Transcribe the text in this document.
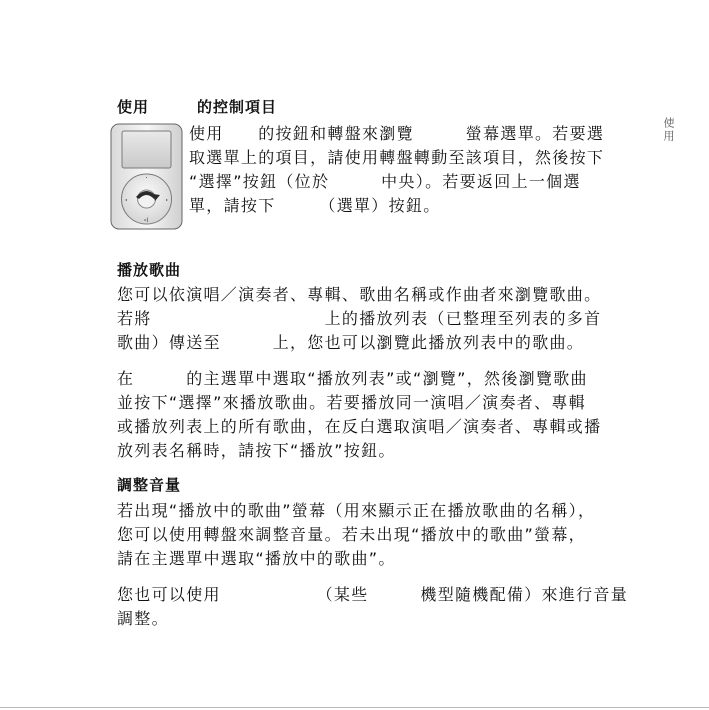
使用
使用　　　的控制項目
•
◂	▸
▸‖
使用　　的按鈕和轉盤來瀏覽　　　螢幕選單。若要選
取選單上的項目，請使用轉盤轉動至該項目，然後按下
“選擇”按鈕（位於　　　中央）。若要返回上一個選
單，請按下　　　（選單）按鈕。
播放歌曲
您可以依演唱／演奏者、專輯、歌曲名稱或作曲者來瀏覽歌曲。
若將　　　　　　　　　　上的播放列表（已整理至列表的多首
歌曲）傳送至　　　上，您也可以瀏覽此播放列表中的歌曲。
在　　　的主選單中選取“播放列表”或“瀏覽”，然後瀏覽歌曲
並按下“選擇”來播放歌曲。若要播放同一演唱／演奏者、專輯
或播放列表上的所有歌曲，在反白選取演唱／演奏者、專輯或播
放列表名稱時，請按下“播放”按鈕。
調整音量
若出現“播放中的歌曲”螢幕（用來顯示正在播放歌曲的名稱），
您可以使用轉盤來調整音量。若未出現“播放中的歌曲”螢幕，
請在主選單中選取“播放中的歌曲”。
您也可以使用　　　　　　（某些　　　機型隨機配備）來進行音量
調整。
